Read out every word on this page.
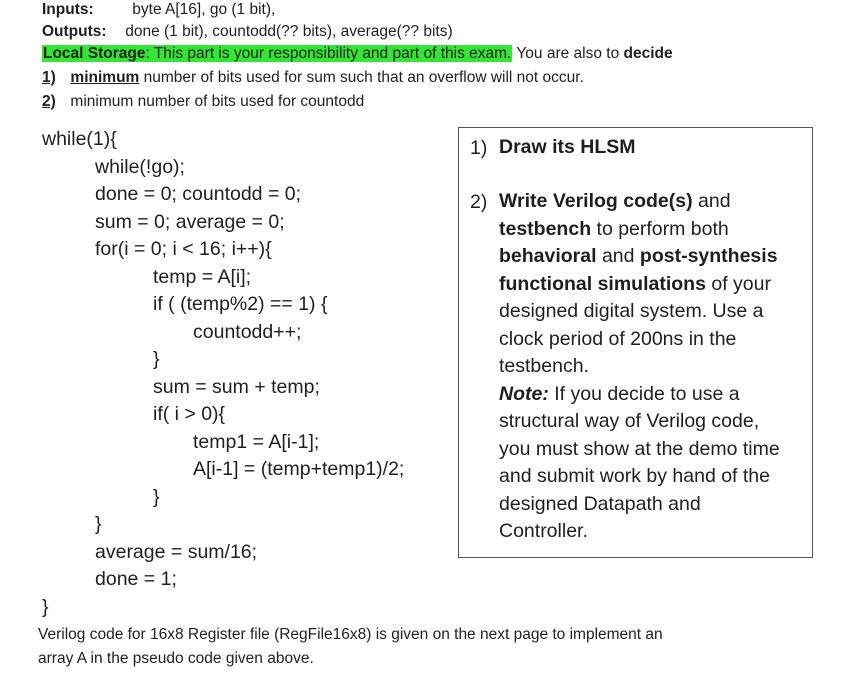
Inputs: byte A[16], go (1 bit),
Outputs: done (1 bit), countodd(?? bits), average(?? bits)
Local Storage: This part is your responsibility and part of this exam. You are also to decide
1) minimum number of bits used for sum such that an overflow will not occur.
2)  minimum number of bits used for countodd
while(1){
while(!go);
done = 0; countodd = 0;
sum = 0; average = 0;
for(i = 0; i < 16; i++){
temp = A[i];
if ( (temp%2) == 1) {
countodd++;
}
sum = sum + temp;
if( i > 0){
temp1 = A[i-1];
A[i-1] = (temp+temp1)/2;
}
}
average = sum/16;
done = 1;
}
1) Draw its HLSM
2) Write Verilog code(s) and
testbench to perform both
behavioral and post-synthesis
functional simulations of your
designed digital system. Use a
clock period of 200ns in the
testbench.
Note: If you decide to use a
structural way of Verilog code,
you must show at the demo time
and submit work by hand of the
designed Datapath and
Controller.
Verilog code for 16x8 Register file (RegFile16x8) is given on the next page to implement an
array A in the pseudo code given above.
